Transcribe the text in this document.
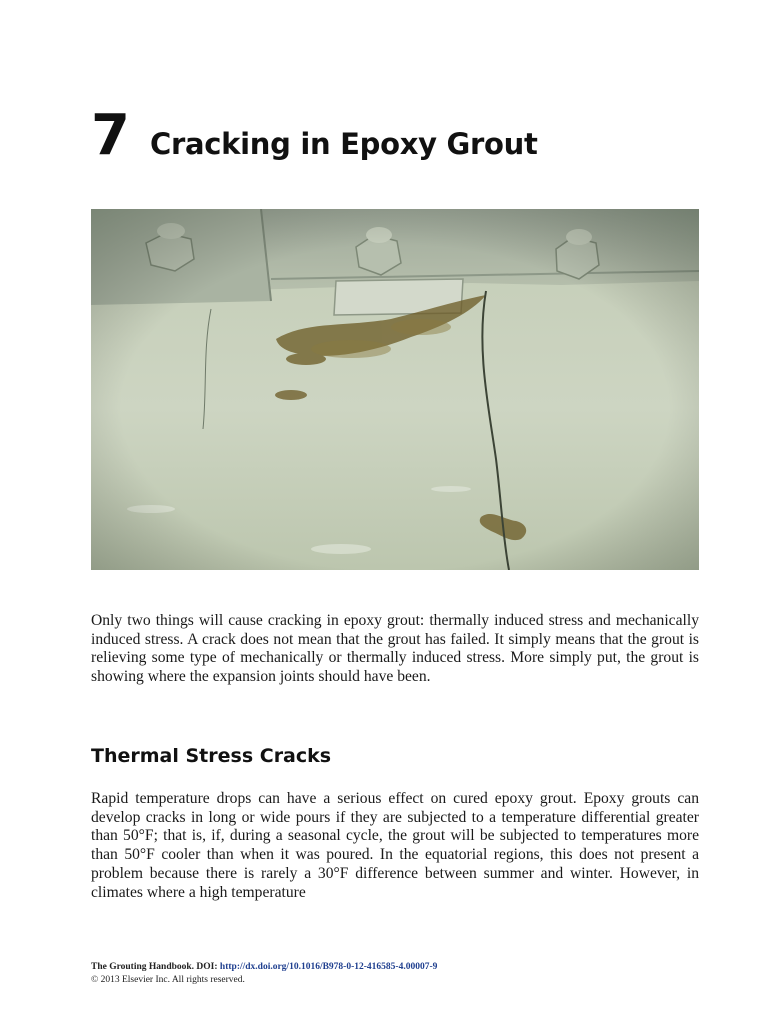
7 Cracking in Epoxy Grout

Only two things will cause cracking in epoxy grout: thermally induced stress and mechanically induced stress. A crack does not mean that the grout has failed. It simply means that the grout is relieving some type of mechanically or thermally induced stress. More simply put, the grout is showing where the expansion joints should have been.

Thermal Stress Cracks

Rapid temperature drops can have a serious effect on cured epoxy grout. Epoxy grouts can develop cracks in long or wide pours if they are subjected to a temperature differential greater than 50°F; that is, if, during a seasonal cycle, the grout will be subjected to temperatures more than 50°F cooler than when it was poured. In the equatorial regions, this does not present a problem because there is rarely a 30°F difference between summer and winter. However, in climates where a high temperature

The Grouting Handbook. DOI: http://dx.doi.org/10.1016/B978-0-12-416585-4.00007-9
© 2013 Elsevier Inc. All rights reserved.
